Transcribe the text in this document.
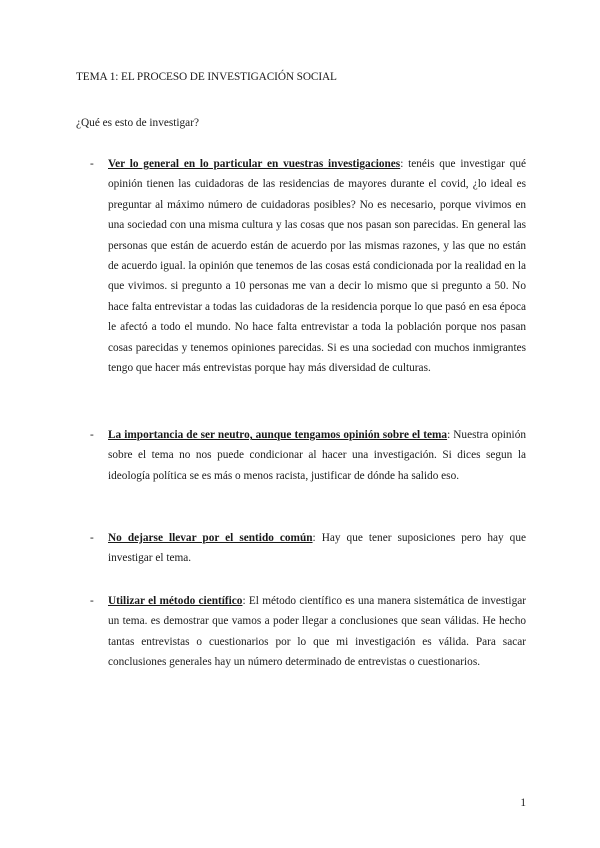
TEMA 1: EL PROCESO DE INVESTIGACIÓN SOCIAL
¿Qué es esto de investigar?
- Ver lo general en lo particular en vuestras investigaciones: tenéis que investigar qué opinión tienen las cuidadoras de las residencias de mayores durante el covid, ¿lo ideal es preguntar al máximo número de cuidadoras posibles? No es necesario, porque vivimos en una sociedad con una misma cultura y las cosas que nos pasan son parecidas. En general las personas que están de acuerdo están de acuerdo por las mismas razones, y las que no están de acuerdo igual. la opinión que tenemos de las cosas está condicionada por la realidad en la que vivimos. si pregunto a 10 personas me van a decir lo mismo que si pregunto a 50. No hace falta entrevistar a todas las cuidadoras de la residencia porque lo que pasó en esa época le afectó a todo el mundo. No hace falta entrevistar a toda la población porque nos pasan cosas parecidas y tenemos opiniones parecidas. Si es una sociedad con muchos inmigrantes tengo que hacer más entrevistas porque hay más diversidad de culturas.
- La importancia de ser neutro, aunque tengamos opinión sobre el tema: Nuestra opinión sobre el tema no nos puede condicionar al hacer una investigación. Si dices segun la ideología política se es más o menos racista, justificar de dónde ha salido eso.
- No dejarse llevar por el sentido común: Hay que tener suposiciones pero hay que investigar el tema.
- Utilizar el método científico: El método científico es una manera sistemática de investigar un tema. es demostrar que vamos a poder llegar a conclusiones que sean válidas. He hecho tantas entrevistas o cuestionarios por lo que mi investigación es válida. Para sacar conclusiones generales hay un número determinado de entrevistas o cuestionarios.
1
